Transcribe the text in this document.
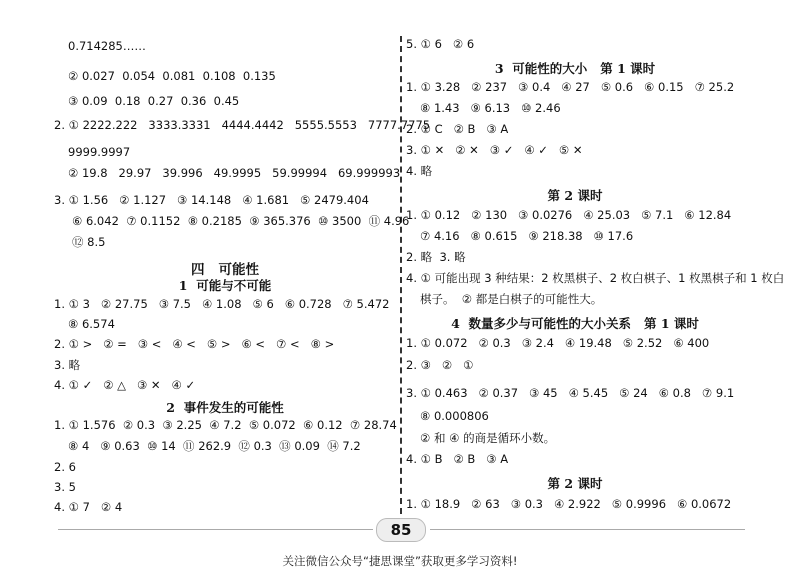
0.714285……
② 0.027  0.054  0.081  0.108  0.135
③ 0.09  0.18  0.27  0.36  0.45
2. ① 2222.222   3333.3331   4444.4442   5555.5553   7777.7775
9999.9997
② 19.8   29.97   39.996   49.9995   59.99994   69.999993
3. ① 1.56   ② 1.127   ③ 14.148   ④ 1.681   ⑤ 2479.404
⑥ 6.042  ⑦ 0.1152  ⑧ 0.2185  ⑨ 365.376  ⑩ 3500  ⑪ 4.96
⑫ 8.5
四   可能性
1  可能与不可能
1. ① 3   ② 27.75   ③ 7.5   ④ 1.08   ⑤ 6   ⑥ 0.728   ⑦ 5.472
⑧ 6.574
2. ① >   ② =   ③ <   ④ <   ⑤ >   ⑥ <   ⑦ <   ⑧ >
3. 略
4. ① ✓   ② △   ③ ✕   ④ ✓
2  事件发生的可能性
1. ① 1.576  ② 0.3  ③ 2.25  ④ 7.2  ⑤ 0.072  ⑥ 0.12  ⑦ 28.74
⑧ 4   ⑨ 0.63  ⑩ 14  ⑪ 262.9  ⑫ 0.3  ⑬ 0.09  ⑭ 7.2
2. 6
3. 5
4. ① 7   ② 4
5. ① 6   ② 6
3  可能性的大小   第 1 课时
1. ① 3.28   ② 237   ③ 0.4   ④ 27   ⑤ 0.6   ⑥ 0.15   ⑦ 25.2
⑧ 1.43   ⑨ 6.13   ⑩ 2.46
2. ① C   ② B   ③ A
3. ① ✕   ② ✕   ③ ✓   ④ ✓   ⑤ ✕
4. 略
第 2 课时
1. ① 0.12   ② 130   ③ 0.0276   ④ 25.03   ⑤ 7.1   ⑥ 12.84
⑦ 4.16   ⑧ 0.615   ⑨ 218.38   ⑩ 17.6
2. 略  3. 略
4. ① 可能出现 3 种结果：2 枚黑棋子、2 枚白棋子、1 枚黑棋子和 1 枚白
棋子。  ② 都是白棋子的可能性大。
4  数量多少与可能性的大小关系   第 1 课时
1. ① 0.072   ② 0.3   ③ 2.4   ④ 19.48   ⑤ 2.52   ⑥ 400
2. ③   ②   ①
3. ① 0.463   ② 0.37   ③ 45   ④ 5.45   ⑤ 24   ⑥ 0.8   ⑦ 9.1
⑧ 0.000806
② 和 ④ 的商是循环小数。
4. ① B   ② B   ③ A
第 2 课时
1. ① 18.9   ② 63   ③ 0.3   ④ 2.922   ⑤ 0.9996   ⑥ 0.0672
85
关注微信公众号“捷思课堂”获取更多学习资料!
